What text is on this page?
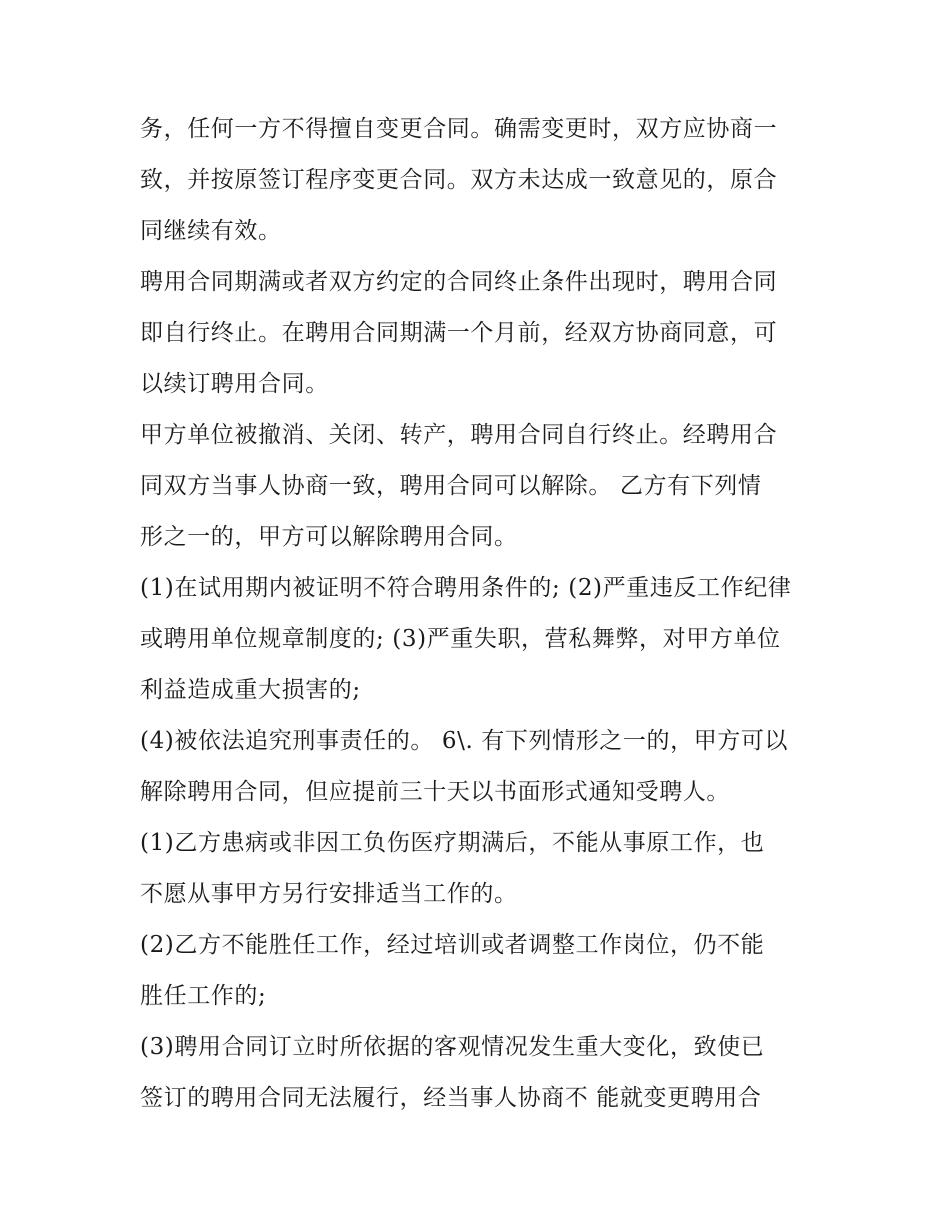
务，任何一方不得擅自变更合同。确需变更时，双方应协商一
致，并按原签订程序变更合同。双方未达成一致意见的，原合
同继续有效。
聘用合同期满或者双方约定的合同终止条件出现时，聘用合同
即自行终止。在聘用合同期满一个月前，经双方协商同意，可
以续订聘用合同。
甲方单位被撤消、关闭、转产，聘用合同自行终止。经聘用合
同双方当事人协商一致，聘用合同可以解除。 乙方有下列情
形之一的，甲方可以解除聘用合同。
(1)在试用期内被证明不符合聘用条件的; (2)严重违反工作纪律
或聘用单位规章制度的; (3)严重失职，营私舞弊，对甲方单位
利益造成重大损害的;
(4)被依法追究刑事责任的。 6\. 有下列情形之一的，甲方可以
解除聘用合同，但应提前三十天以书面形式通知受聘人。
(1)乙方患病或非因工负伤医疗期满后，不能从事原工作，也
不愿从事甲方另行安排适当工作的。
(2)乙方不能胜任工作，经过培训或者调整工作岗位，仍不能
胜任工作的;
(3)聘用合同订立时所依据的客观情况发生重大变化，致使已
签订的聘用合同无法履行，经当事人协商不 能就变更聘用合
